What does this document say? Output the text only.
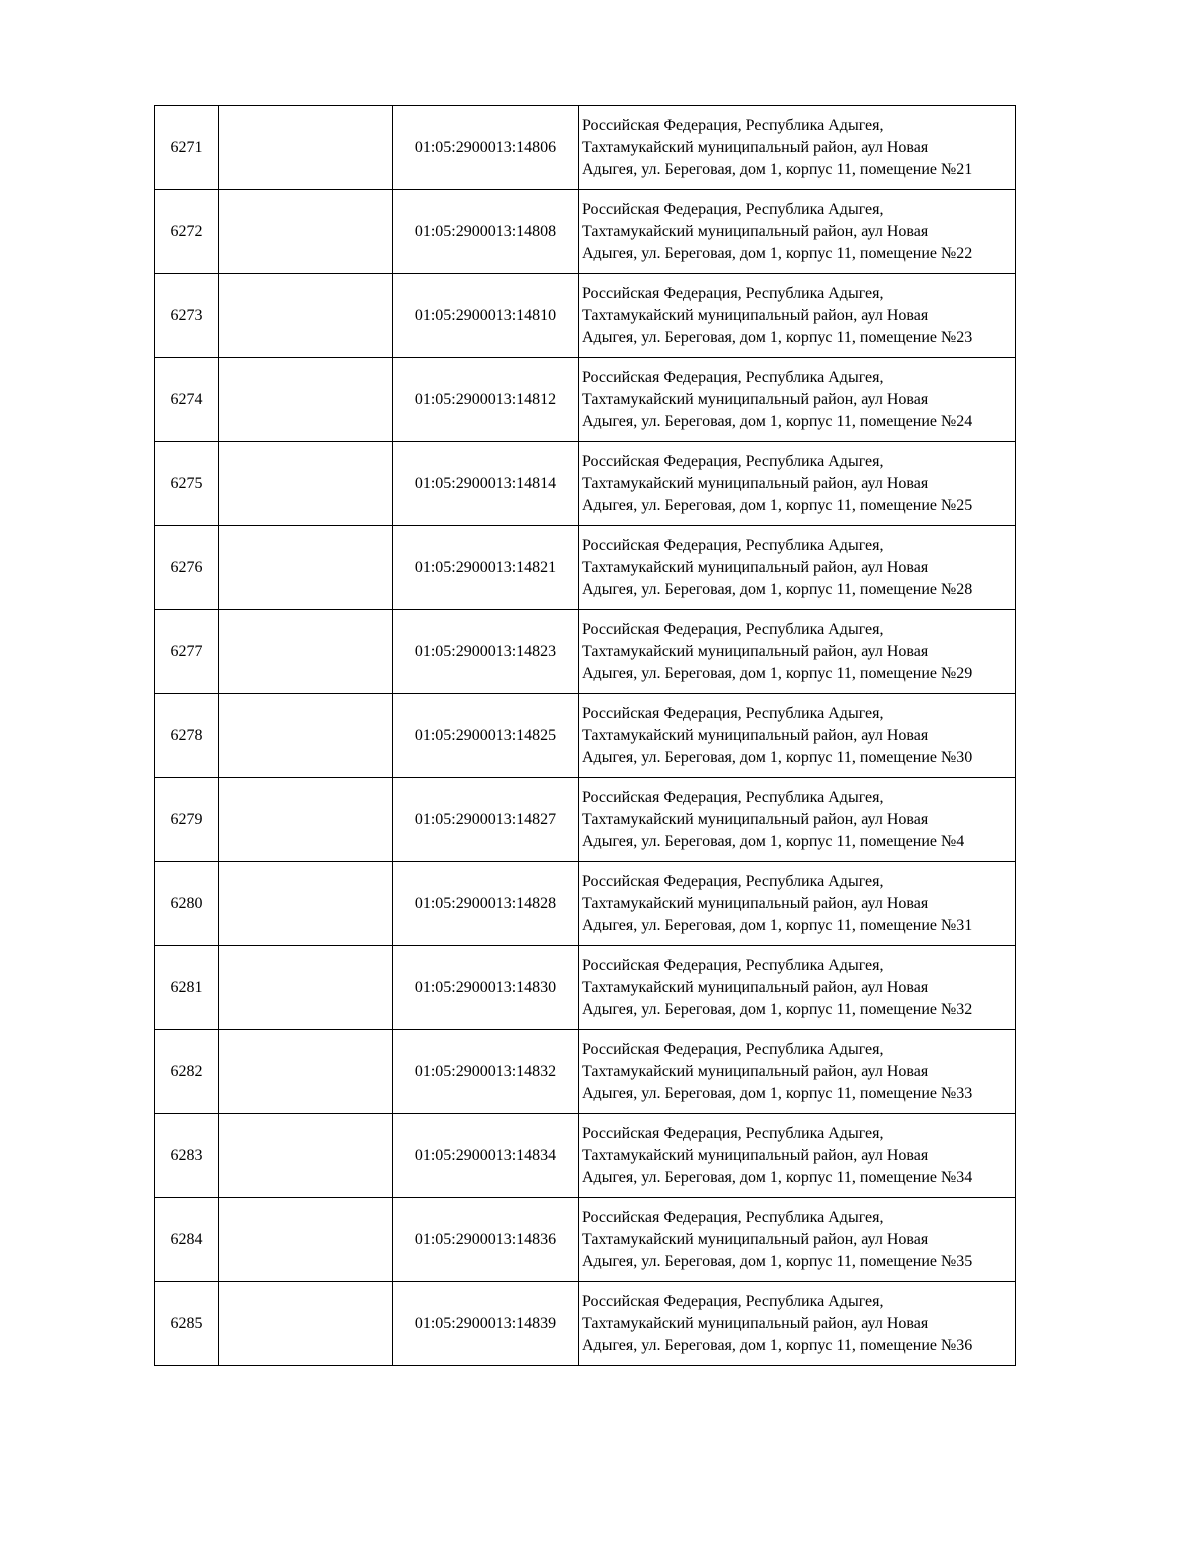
6271		01:05:2900013:14806	Российская Федерация, Республика Адыгея,
Тахтамукайский муниципальный район, аул Новая
Адыгея, ул. Береговая, дом 1, корпус 11, помещение №21

6272		01:05:2900013:14808	Российская Федерация, Республика Адыгея,
Тахтамукайский муниципальный район, аул Новая
Адыгея, ул. Береговая, дом 1, корпус 11, помещение №22

6273		01:05:2900013:14810	Российская Федерация, Республика Адыгея,
Тахтамукайский муниципальный район, аул Новая
Адыгея, ул. Береговая, дом 1, корпус 11, помещение №23

6274		01:05:2900013:14812	Российская Федерация, Республика Адыгея,
Тахтамукайский муниципальный район, аул Новая
Адыгея, ул. Береговая, дом 1, корпус 11, помещение №24

6275		01:05:2900013:14814	Российская Федерация, Республика Адыгея,
Тахтамукайский муниципальный район, аул Новая
Адыгея, ул. Береговая, дом 1, корпус 11, помещение №25

6276		01:05:2900013:14821	Российская Федерация, Республика Адыгея,
Тахтамукайский муниципальный район, аул Новая
Адыгея, ул. Береговая, дом 1, корпус 11, помещение №28

6277		01:05:2900013:14823	Российская Федерация, Республика Адыгея,
Тахтамукайский муниципальный район, аул Новая
Адыгея, ул. Береговая, дом 1, корпус 11, помещение №29

6278		01:05:2900013:14825	Российская Федерация, Республика Адыгея,
Тахтамукайский муниципальный район, аул Новая
Адыгея, ул. Береговая, дом 1, корпус 11, помещение №30

6279		01:05:2900013:14827	Российская Федерация, Республика Адыгея,
Тахтамукайский муниципальный район, аул Новая
Адыгея, ул. Береговая, дом 1, корпус 11, помещение №4

6280		01:05:2900013:14828	Российская Федерация, Республика Адыгея,
Тахтамукайский муниципальный район, аул Новая
Адыгея, ул. Береговая, дом 1, корпус 11, помещение №31

6281		01:05:2900013:14830	Российская Федерация, Республика Адыгея,
Тахтамукайский муниципальный район, аул Новая
Адыгея, ул. Береговая, дом 1, корпус 11, помещение №32

6282		01:05:2900013:14832	Российская Федерация, Республика Адыгея,
Тахтамукайский муниципальный район, аул Новая
Адыгея, ул. Береговая, дом 1, корпус 11, помещение №33

6283		01:05:2900013:14834	Российская Федерация, Республика Адыгея,
Тахтамукайский муниципальный район, аул Новая
Адыгея, ул. Береговая, дом 1, корпус 11, помещение №34

6284		01:05:2900013:14836	Российская Федерация, Республика Адыгея,
Тахтамукайский муниципальный район, аул Новая
Адыгея, ул. Береговая, дом 1, корпус 11, помещение №35

6285		01:05:2900013:14839	Российская Федерация, Республика Адыгея,
Тахтамукайский муниципальный район, аул Новая
Адыгея, ул. Береговая, дом 1, корпус 11, помещение №36
